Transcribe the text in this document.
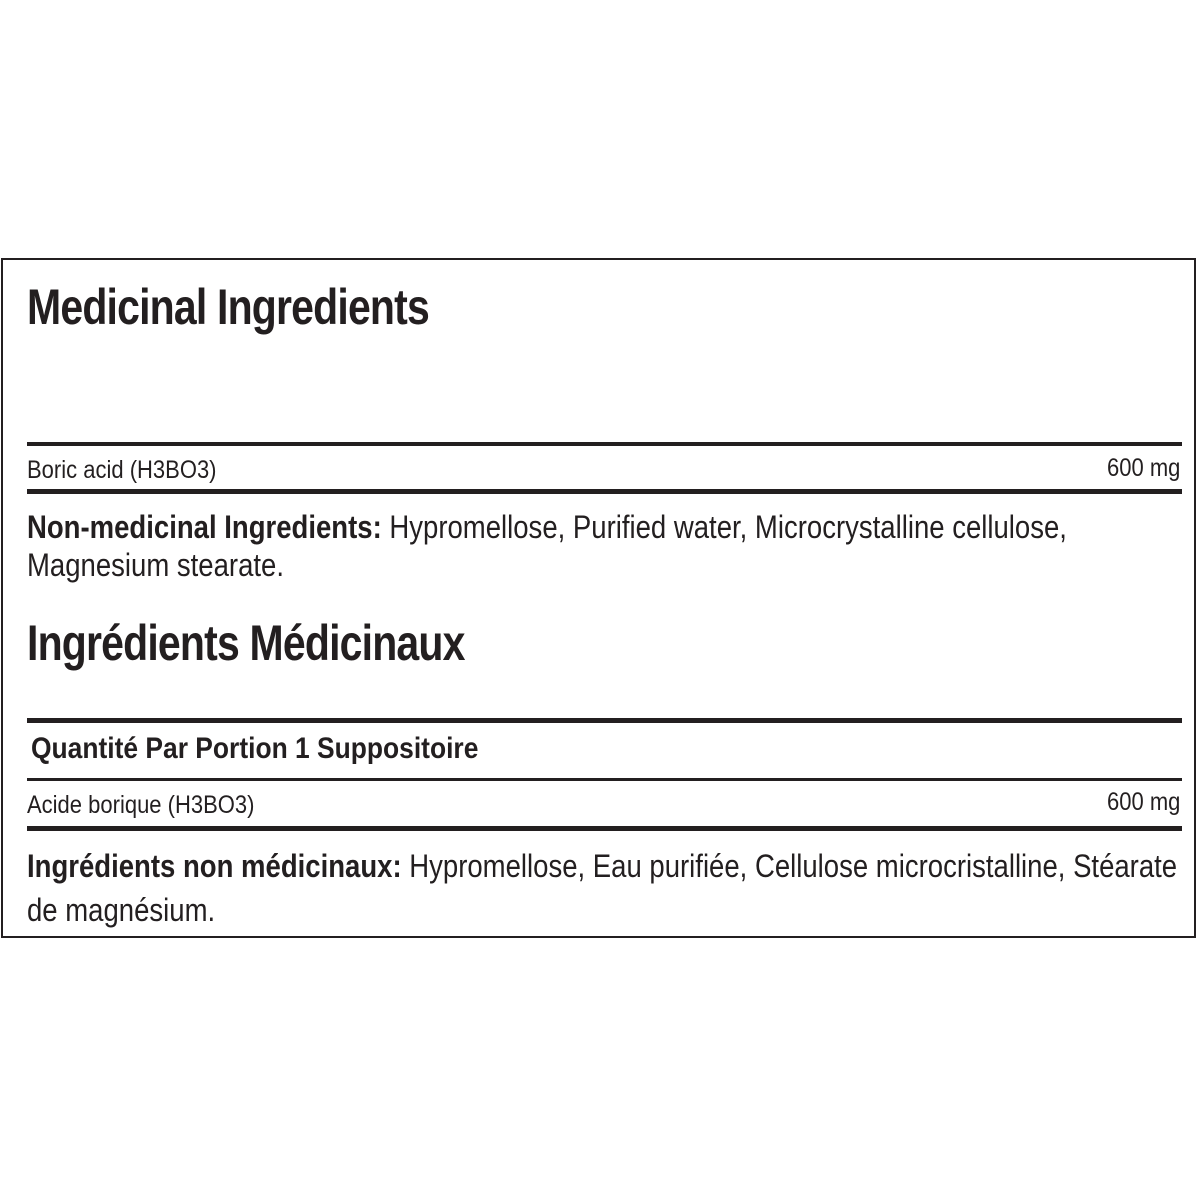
Medicinal Ingredients
Boric acid (H3BO3)	600 mg
Non-medicinal Ingredients: Hypromellose, Purified water, Microcrystalline cellulose, Magnesium stearate.
Ingrédients Médicinaux
Quantité Par Portion 1 Suppositoire
Acide borique (H3BO3)	600 mg
Ingrédients non médicinaux: Hypromellose, Eau purifiée, Cellulose microcristalline, Stéarate de magnésium.
